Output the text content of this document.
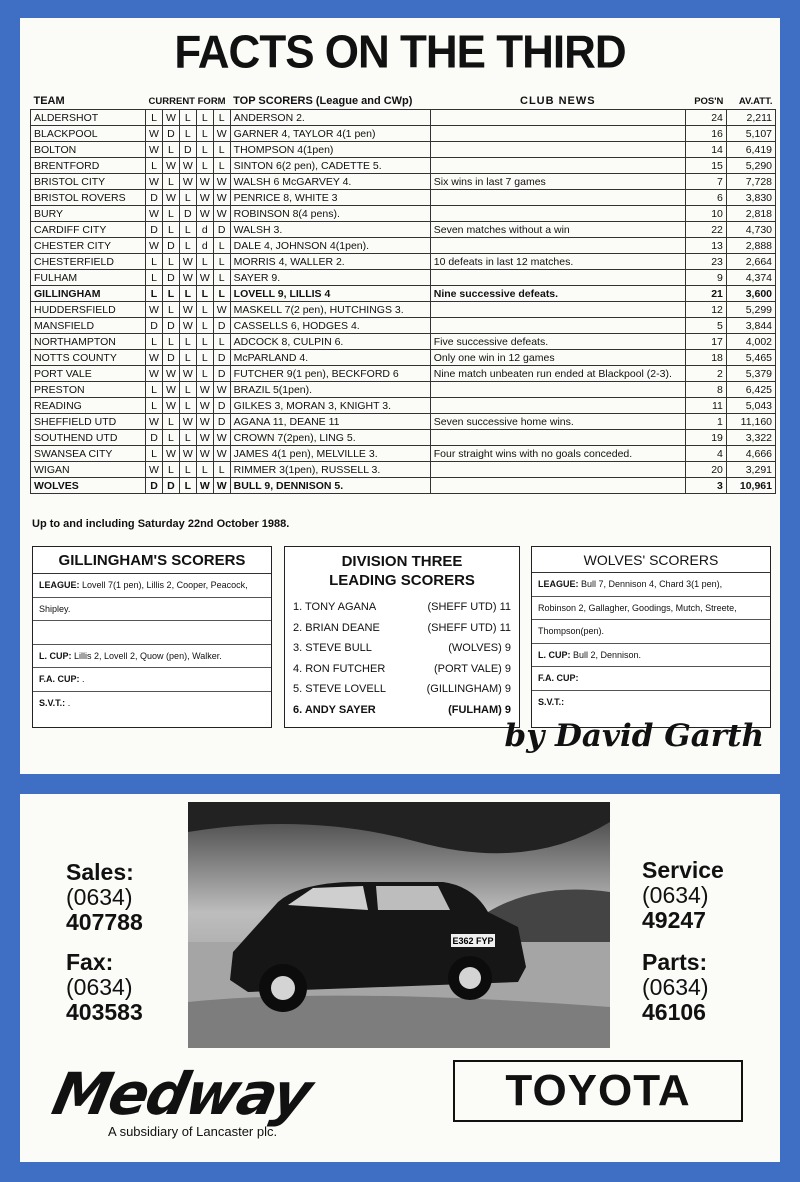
FACTS ON THE THIRD
TEAM	CURRENT FORM					TOP SCORERS (League and CWp)	CLUB NEWS	POS'N	AV.ATT.
ALDERSHOT	L	W	L	L	L	ANDERSON 2.		24	2,211
BLACKPOOL	W	D	L	L	W	GARNER 4, TAYLOR 4(1 pen)		16	5,107
BOLTON	W	L	D	L	L	THOMPSON 4(1pen)		14	6,419
BRENTFORD	L	W	W	L	L	SINTON 6(2 pen), CADETTE 5.		15	5,290
BRISTOL CITY	W	L	W	W	W	WALSH 6 McGARVEY 4.	Six wins in last 7 games	7	7,728
BRISTOL ROVERS	D	W	L	W	W	PENRICE 8, WHITE 3		6	3,830
BURY	W	L	D	W	W	ROBINSON 8(4 pens).		10	2,818
CARDIFF CITY	D	L	L	d	D	WALSH 3.	Seven matches without a win	22	4,730
CHESTER CITY	W	D	L	d	L	DALE 4, JOHNSON 4(1pen).		13	2,888
CHESTERFIELD	L	L	W	L	L	MORRIS 4, WALLER 2.	10 defeats in last 12 matches.	23	2,664
FULHAM	L	D	W	W	L	SAYER 9.		9	4,374
GILLINGHAM	L	L	L	L	L	LOVELL 9, LILLIS 4	Nine successive defeats.	21	3,600
HUDDERSFIELD	W	L	W	L	W	MASKELL 7(2 pen), HUTCHINGS 3.		12	5,299
MANSFIELD	D	D	W	L	D	CASSELLS 6, HODGES 4.		5	3,844
NORTHAMPTON	L	L	L	L	L	ADCOCK 8, CULPIN 6.	Five successive defeats.	17	4,002
NOTTS COUNTY	W	D	L	L	D	McPARLAND 4.	Only one win in 12 games	18	5,465
PORT VALE	W	W	W	L	D	FUTCHER 9(1 pen), BECKFORD 6	Nine match unbeaten run ended at Blackpool (2-3).	2	5,379
PRESTON	L	W	L	W	W	BRAZIL 5(1pen).		8	6,425
READING	L	W	L	W	D	GILKES 3, MORAN 3, KNIGHT 3.		11	5,043
SHEFFIELD UTD	W	L	W	W	D	AGANA 11, DEANE 11	Seven successive home wins.	1	11,160
SOUTHEND UTD	D	L	L	W	W	CROWN 7(2pen), LING 5.		19	3,322
SWANSEA CITY	L	W	W	W	W	JAMES 4(1 pen), MELVILLE 3.	Four straight wins with no goals conceded.	4	4,666
WIGAN	W	L	L	L	L	RIMMER 3(1pen), RUSSELL 3.		20	3,291
WOLVES	D	D	L	W	W	BULL 9, DENNISON 5.		3	10,961
Up to and including Saturday 22nd October 1988.
GILLINGHAM'S SCORERS
LEAGUE: Lovell 7(1 pen), Lillis 2, Cooper, Peacock,
Shipley.
L. CUP: Lillis 2, Lovell 2, Quow (pen), Walker.
F.A. CUP: .
S.V.T.: .
DIVISION THREE
LEADING SCORERS
1. TONY AGANA	(SHEFF UTD) 11
2. BRIAN DEANE	(SHEFF UTD) 11
3. STEVE BULL	(WOLVES) 9
4. RON FUTCHER	(PORT VALE) 9
5. STEVE LOVELL	(GILLINGHAM) 9
6. ANDY SAYER	(FULHAM) 9
WOLVES' SCORERS
LEAGUE: Bull 7, Dennison 4, Chard 3(1 pen),
Robinson 2, Gallagher, Goodings, Mutch, Streete,
Thompson(pen).
L. CUP: Bull 2, Dennison.
F.A. CUP:
S.V.T.:
by David Garth
E362 FYP
Sales:
(0634)
407788
Fax:
(0634)
403583
Service
(0634)
49247
Parts:
(0634)
46106
Medway
A subsidiary of Lancaster plc.
TOYOTA
